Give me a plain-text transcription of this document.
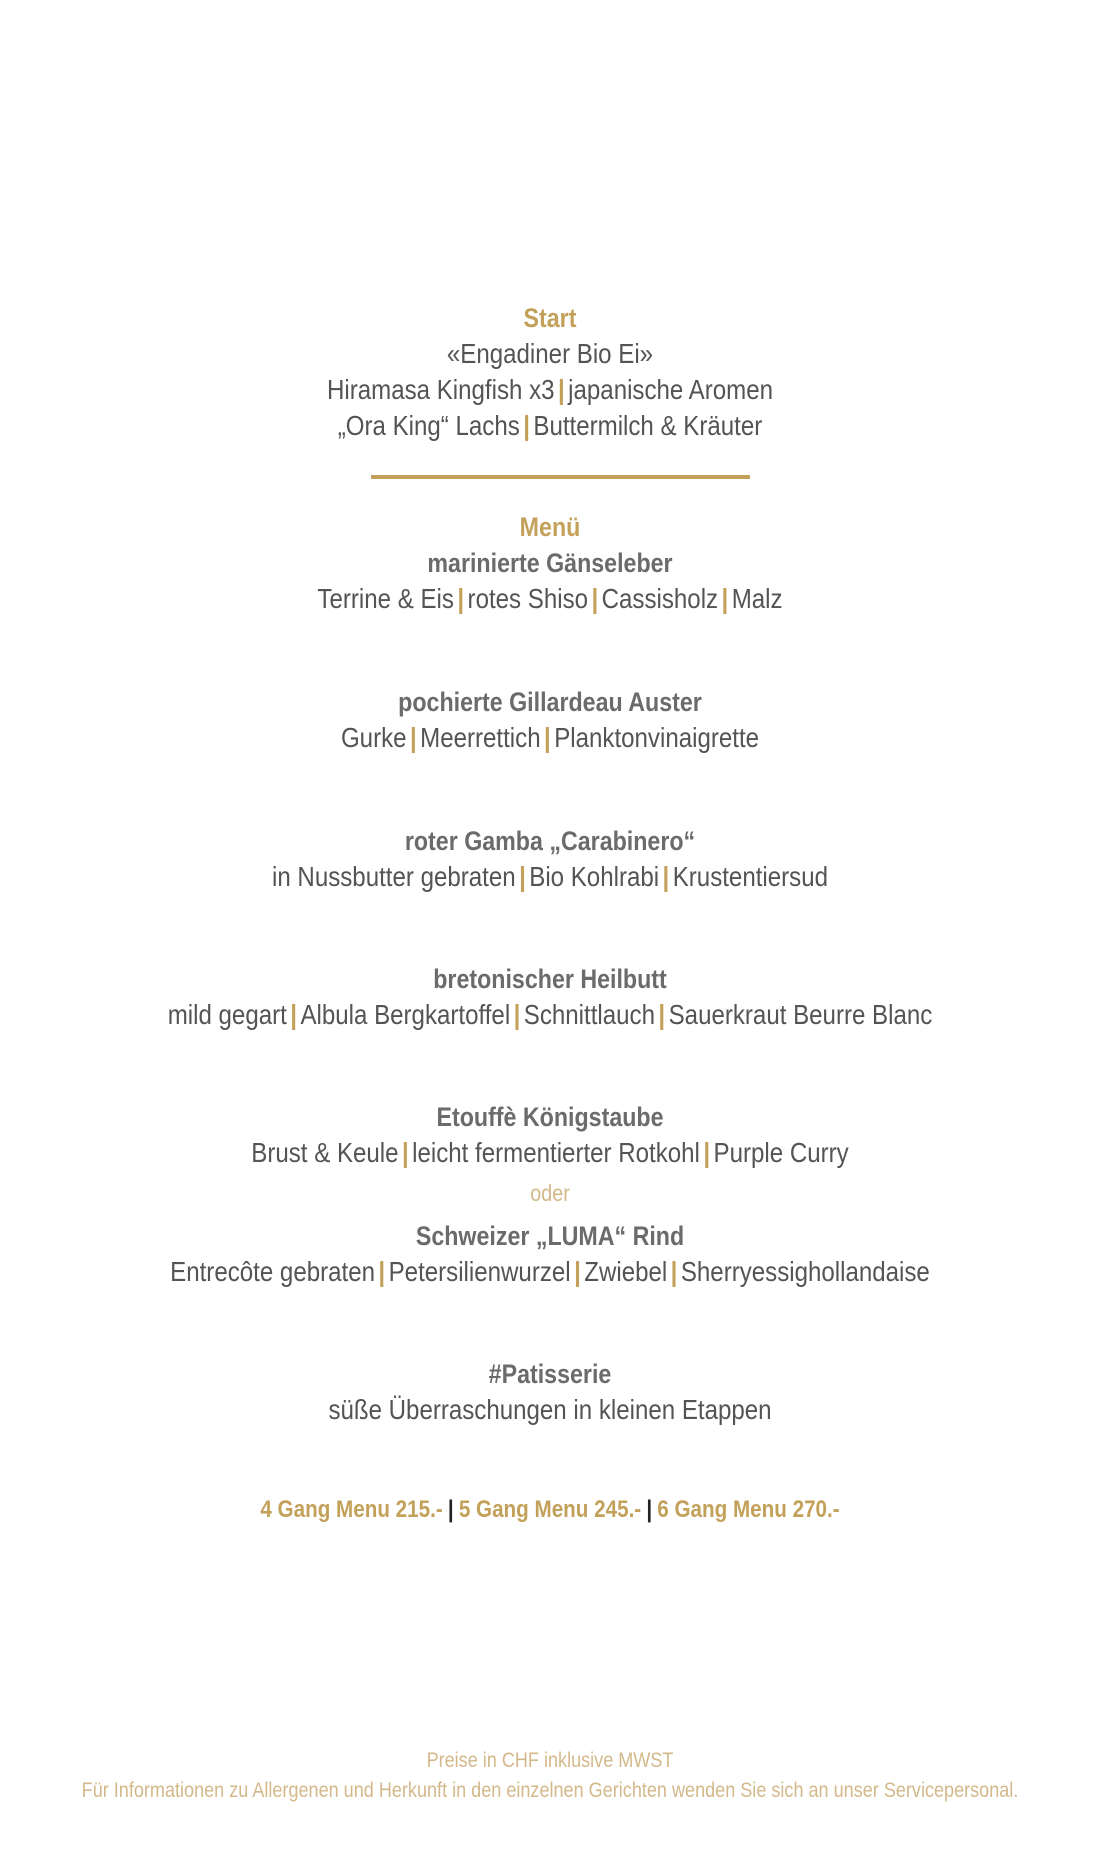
Start
«Engadiner Bio Ei»
Hiramasa Kingfish x3 | japanische Aromen
„Ora King“ Lachs | Buttermilch & Kräuter
Menü
marinierte Gänseleber
Terrine & Eis | rotes Shiso | Cassisholz | Malz
pochierte Gillardeau Auster
Gurke | Meerrettich | Planktonvinaigrette
roter Gamba „Carabinero“
in Nussbutter gebraten | Bio Kohlrabi | Krustentiersud
bretonischer Heilbutt
mild gegart | Albula Bergkartoffel | Schnittlauch | Sauerkraut Beurre Blanc
Etouffè Königstaube
Brust & Keule | leicht fermentierter Rotkohl | Purple Curry
oder
Schweizer „LUMA“ Rind
Entrecôte gebraten | Petersilienwurzel | Zwiebel | Sherryessighollandaise
#Patisserie
süße Überraschungen in kleinen Etappen
4 Gang Menu 215.- | 5 Gang Menu 245.- | 6 Gang Menu 270.-
Preise in CHF inklusive MWST
Für Informationen zu Allergenen und Herkunft in den einzelnen Gerichten wenden Sie sich an unser Servicepersonal.
